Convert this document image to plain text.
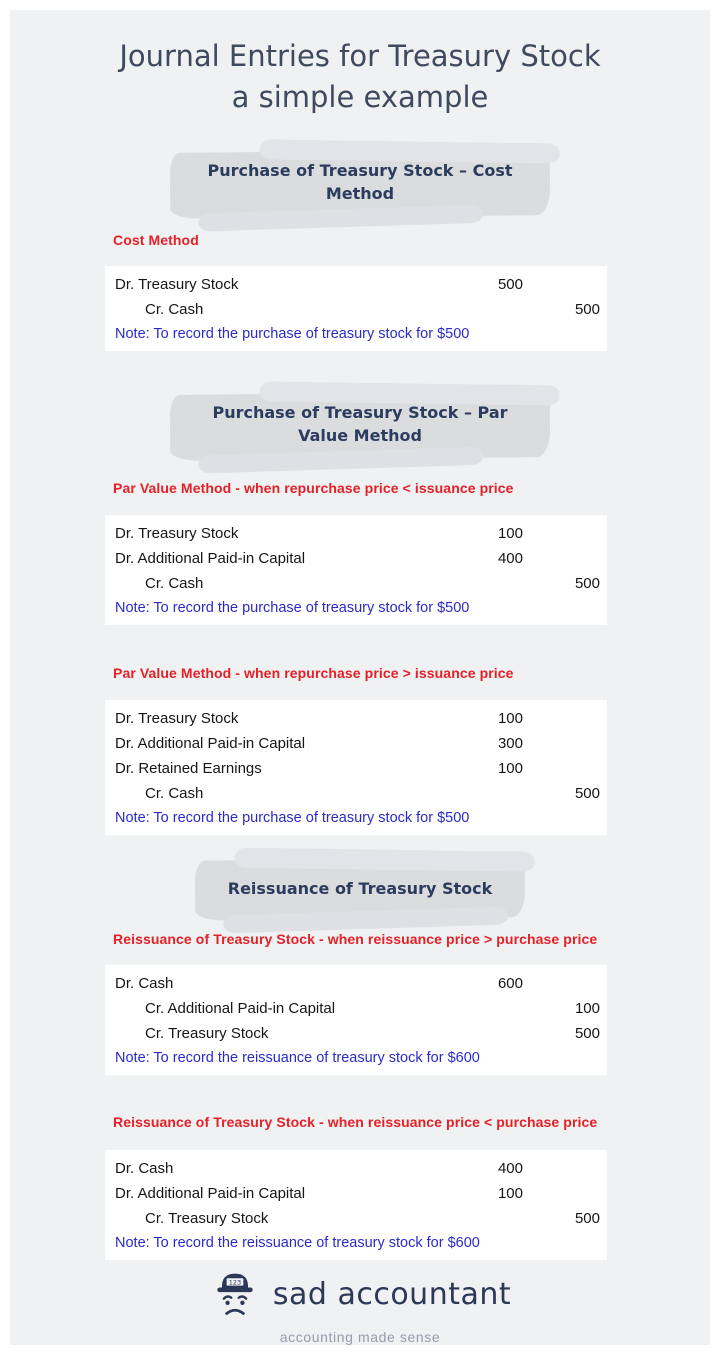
Journal Entries for Treasury Stock
a simple example
Purchase of Treasury Stock – Cost
Method
Cost Method
Dr. Treasury Stock	500
Cr. Cash	500
Note: To record the purchase of treasury stock for $500
Purchase of Treasury Stock – Par
Value Method
Par Value Method - when repurchase price < issuance price
Dr. Treasury Stock	100
Dr. Additional Paid-in Capital	400
Cr. Cash	500
Note: To record the purchase of treasury stock for $500
Par Value Method - when repurchase price > issuance price
Dr. Treasury Stock	100
Dr. Additional Paid-in Capital	300
Dr. Retained Earnings	100
Cr. Cash	500
Note: To record the purchase of treasury stock for $500
Reissuance of Treasury Stock
Reissuance of Treasury Stock - when reissuance price > purchase price
Dr. Cash	600
Cr. Additional Paid-in Capital	100
Cr. Treasury Stock	500
Note: To record the reissuance of treasury stock for $600
Reissuance of Treasury Stock - when reissuance price < purchase price
Dr. Cash	400
Dr. Additional Paid-in Capital	100
Cr. Treasury Stock	500
Note: To record the reissuance of treasury stock for $600
123 sad accountant
accounting made sense
